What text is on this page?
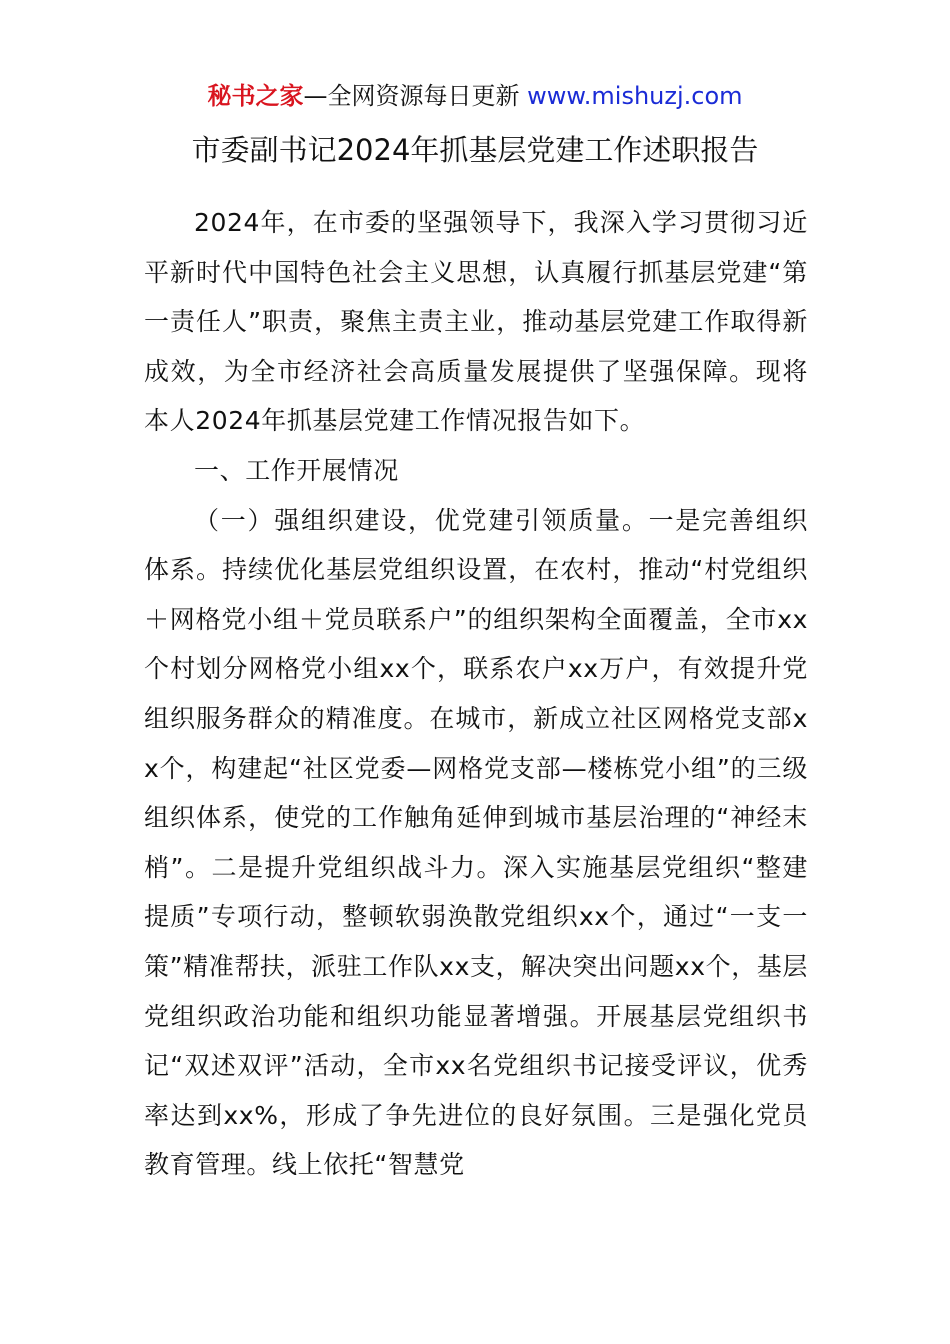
秘书之家—全网资源每日更新 www.mishuzj.com
市委副书记2024年抓基层党建工作述职报告

2024年，在市委的坚强领导下，我深入学习贯彻习近平新时代中国特色社会主义思想，认真履行抓基层党建“第一责任人”职责，聚焦主责主业，推动基层党建工作取得新成效，为全市经济社会高质量发展提供了坚强保障。现将本人2024年抓基层党建工作情况报告如下。

一、工作开展情况

（一）强组织建设，优党建引领质量。一是完善组织体系。持续优化基层党组织设置，在农村，推动“村党组织＋网格党小组＋党员联系户”的组织架构全面覆盖，全市xx个村划分网格党小组xx个，联系农户xx万户，有效提升党组织服务群众的精准度。在城市，新成立社区网格党支部xx个，构建起“社区党委—网格党支部—楼栋党小组”的三级组织体系，使党的工作触角延伸到城市基层治理的“神经末梢”。二是提升党组织战斗力。深入实施基层党组织“整建提质”专项行动，整顿软弱涣散党组织xx个，通过“一支一策”精准帮扶，派驻工作队xx支，解决突出问题xx个，基层党组织政治功能和组织功能显著增强。开展基层党组织书记“双述双评”活动，全市xx名党组织书记接受评议，优秀率达到xx%，形成了争先进位的良好氛围。三是强化党员教育管理。线上依托“智慧党
